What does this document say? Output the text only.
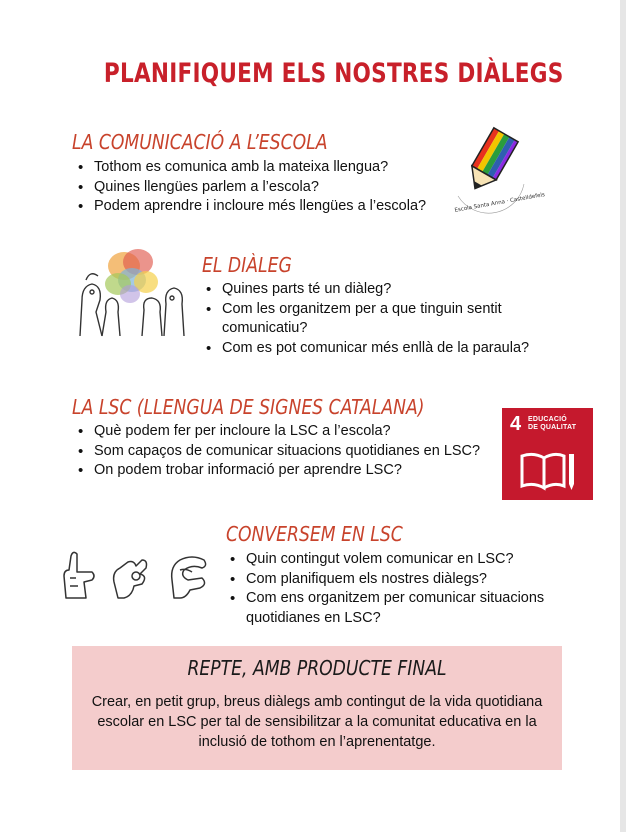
PLANIFIQUEM ELS NOSTRES DIÀLEGS
LA COMUNICACIÓ A L’ESCOLA
• Tothom es comunica amb la mateixa llengua?
• Quines llengües parlem a l’escola?
• Podem aprendre i incloure més llengües a l’escola?	Escola Santa Anna · Castelldefels
EL DIÀLEG
• Quines parts té un diàleg?
• Com les organitzem per a que tinguin sentit comunicatiu?
• Com es pot comunicar més enllà de la paraula?
LA LSC (LLENGUA DE SIGNES CATALANA)
• Què podem fer per incloure la LSC a l’escola?
• Som capaços de comunicar situacions quotidianes en LSC?
• On podem trobar informació per aprendre LSC?
4 EDUCACIÓ
DE QUALITAT
CONVERSEM EN LSC
• Quin contingut volem comunicar en LSC?
• Com planifiquem els nostres diàlegs?
• Com ens organitzem per comunicar situacions quotidianes en LSC?
REPTE, AMB PRODUCTE FINAL

Crear, en petit grup, breus diàlegs amb contingut de la vida quotidiana escolar en LSC per tal de sensibilitzar a la comunitat educativa en la inclusió de tothom en l’aprenentatge.
